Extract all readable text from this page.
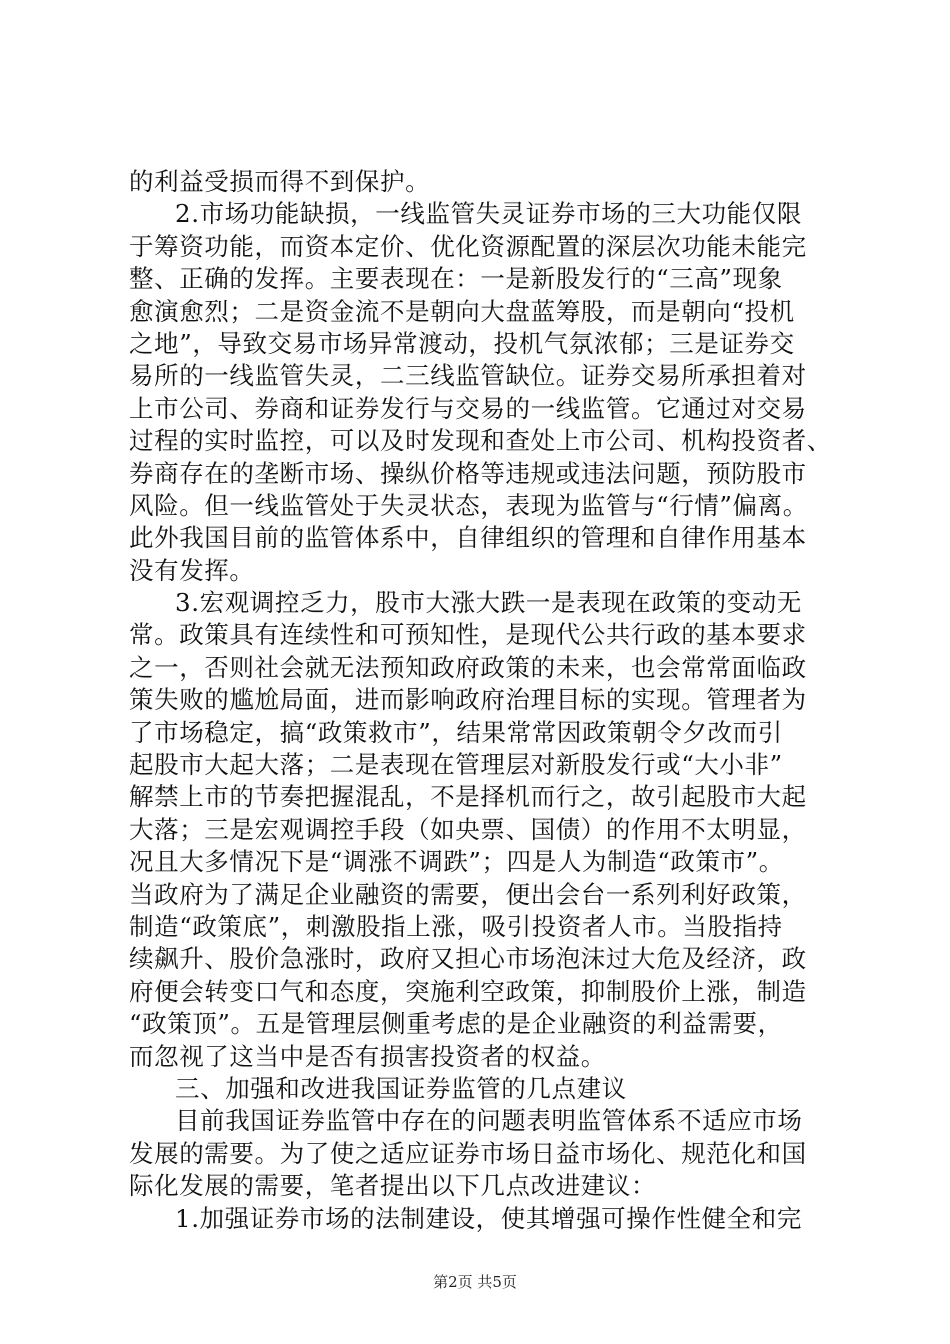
的利益受损而得不到保护。
2.市场功能缺损，一线监管失灵证券市场的三大功能仅限
于筹资功能，而资本定价、优化资源配置的深层次功能未能完
整、正确的发挥。主要表现在：一是新股发行的“三高”现象
愈演愈烈；二是资金流不是朝向大盘蓝筹股，而是朝向“投机
之地”，导致交易市场异常渡动，投机气氛浓郁；三是证券交
易所的一线监管失灵，二三线监管缺位。证券交易所承担着对
上市公司、券商和证券发行与交易的一线监管。它通过对交易
过程的实时监控，可以及时发现和查处上市公司、机构投资者、
券商存在的垄断市场、操纵价格等违规或违法问题，预防股市
风险。但一线监管处于失灵状态，表现为监管与“行情”偏离。
此外我国目前的监管体系中，自律组织的管理和自律作用基本
没有发挥。
3.宏观调控乏力，股市大涨大跌一是表现在政策的变动无
常。政策具有连续性和可预知性，是现代公共行政的基本要求
之一，否则社会就无法预知政府政策的未来，也会常常面临政
策失败的尴尬局面，进而影响政府治理目标的实现。管理者为
了市场稳定，搞“政策救市”，结果常常因政策朝令夕改而引
起股市大起大落；二是表现在管理层对新股发行或“大小非”
解禁上市的节奏把握混乱，不是择机而行之，故引起股市大起
大落；三是宏观调控手段（如央票、国债）的作用不太明显，
况且大多情况下是“调涨不调跌”；四是人为制造“政策市”。
当政府为了满足企业融资的需要，便出会台一系列利好政策，
制造“政策底”，刺激股指上涨，吸引投资者人市。当股指持
续飙升、股价急涨时，政府又担心市场泡沫过大危及经济，政
府便会转变口气和态度，突施利空政策，抑制股价上涨，制造
“政策顶”。五是管理层侧重考虑的是企业融资的利益需要，
而忽视了这当中是否有损害投资者的权益。
三、加强和改进我国证券监管的几点建议
目前我国证券监管中存在的问题表明监管体系不适应市场
发展的需要。为了使之适应证券市场日益市场化、规范化和国
际化发展的需要，笔者提出以下几点改进建议：
1.加强证券市场的法制建设，使其增强可操作性健全和完
第2页 共5页
